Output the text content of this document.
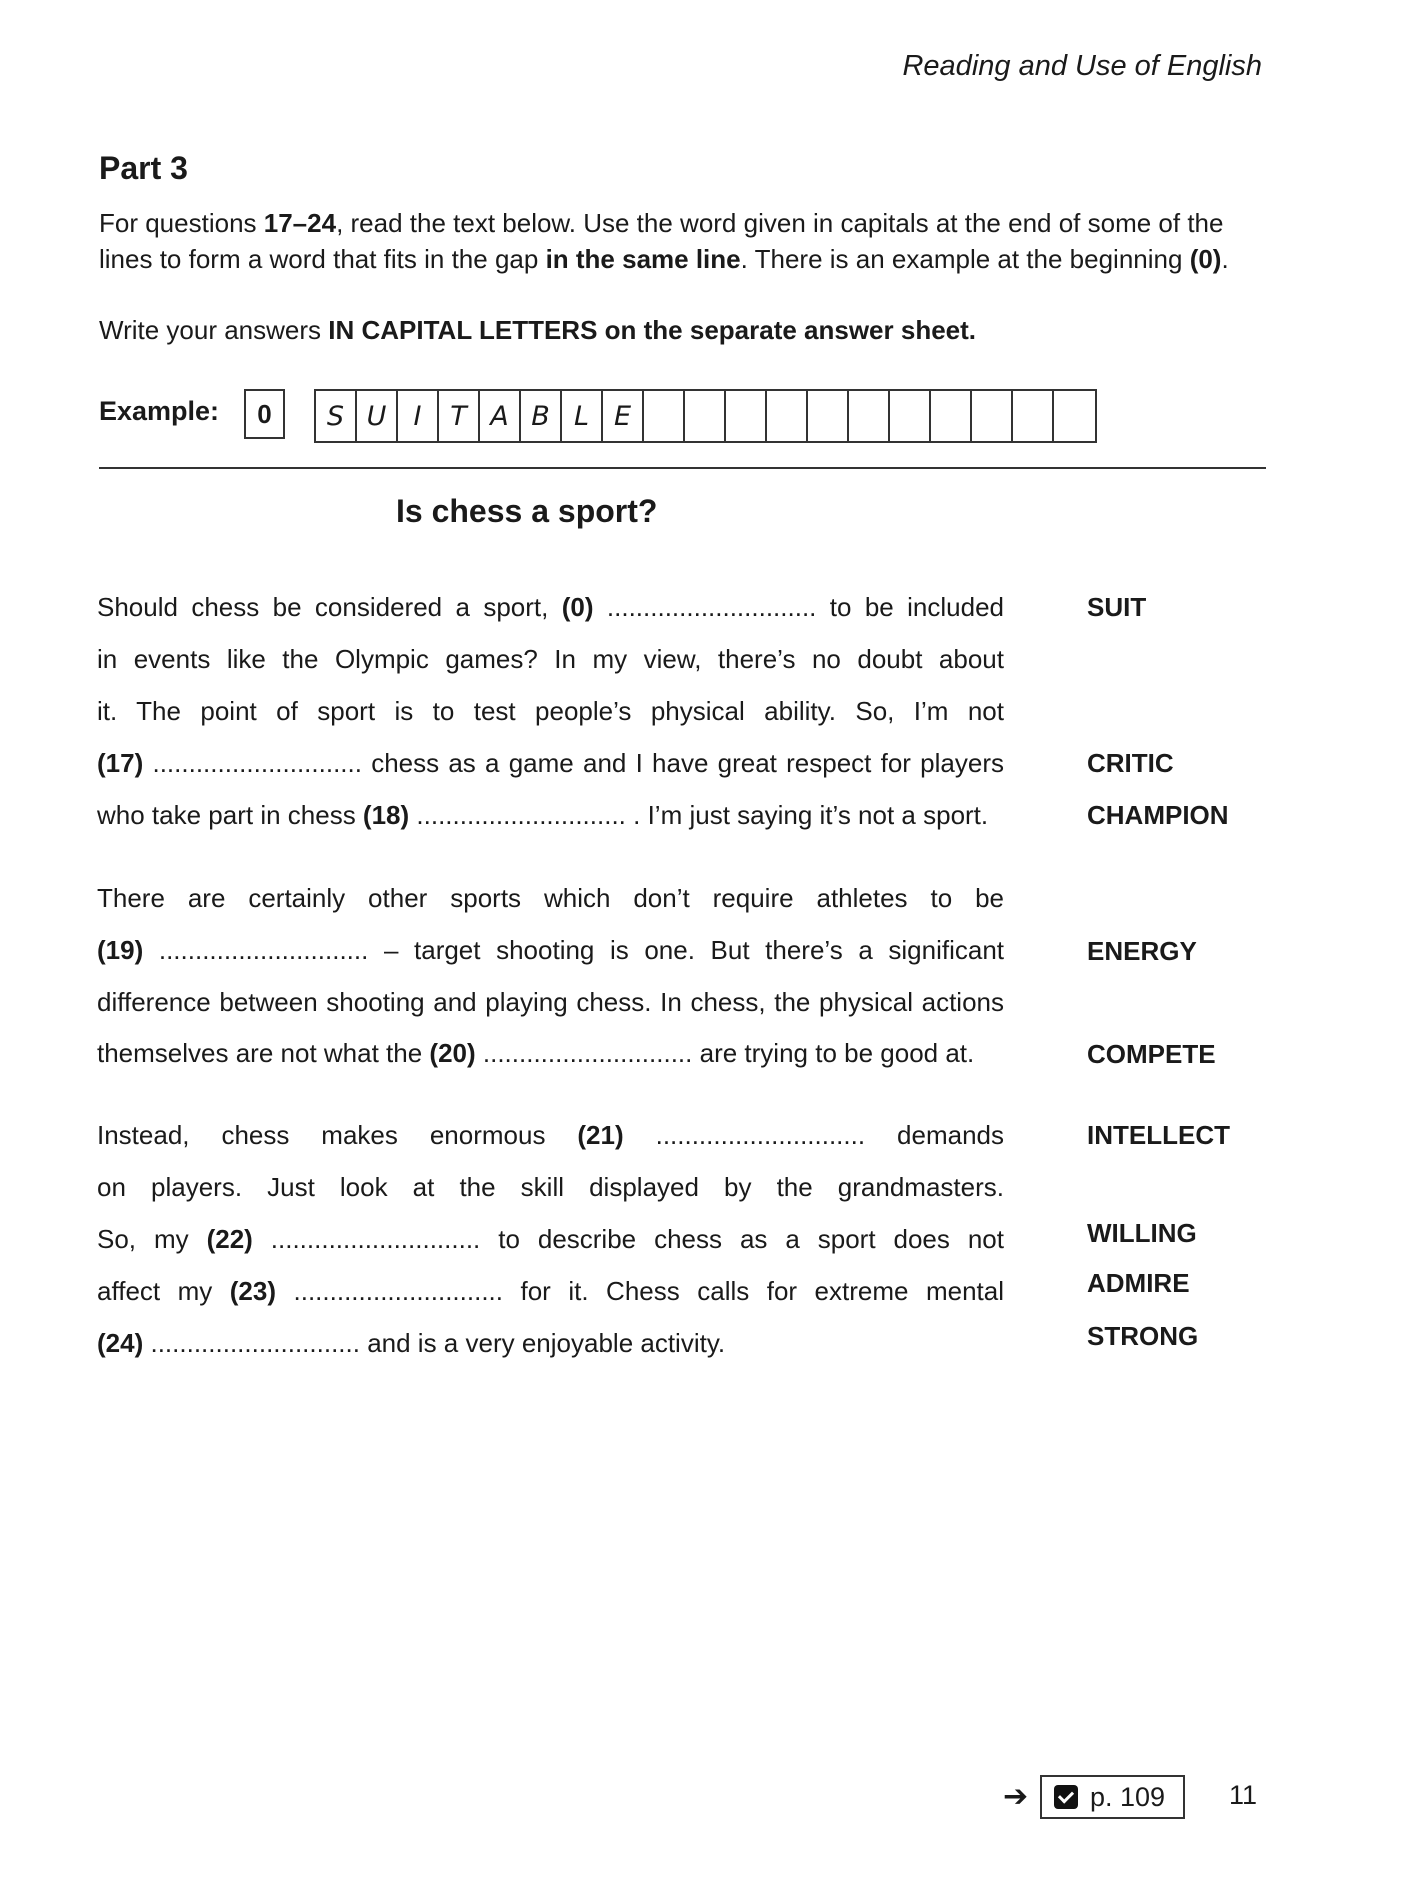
Reading and Use of English
Part 3
For questions 17–24, read the text below. Use the word given in capitals at the end of some of the
lines to form a word that fits in the gap in the same line. There is an example at the beginning (0).
Write your answers IN CAPITAL LETTERS on the separate answer sheet.
Example:	0	S U	I	T A B L E
Is chess a sport?
Should chess be considered a sport, (0) ............................. to be included
in events like the Olympic games? In my view, there’s no doubt about
it. The point of sport is to test people’s physical ability. So, I’m not
(17) ............................. chess as a game and I have great respect for players
who take part in chess (18) ............................. . I’m just saying it’s not a sport.
There are certainly other sports which don’t require athletes to be
(19) ............................. – target shooting is one. But there’s a significant
difference between shooting and playing chess. In chess, the physical actions
themselves are not what the (20) ............................. are trying to be good at.
Instead, chess makes enormous (21) ............................. demands
on players. Just look at the skill displayed by the grandmasters.
So, my (22) ............................. to describe chess as a sport does not
affect my (23) ............................. for it. Chess calls for extreme mental
(24) ............................. and is a very enjoyable activity.
SUIT
CRITIC
CHAMPION
ENERGY
COMPETE
INTELLECT
WILLING
ADMIRE
STRONG
➔ p. 109 11
